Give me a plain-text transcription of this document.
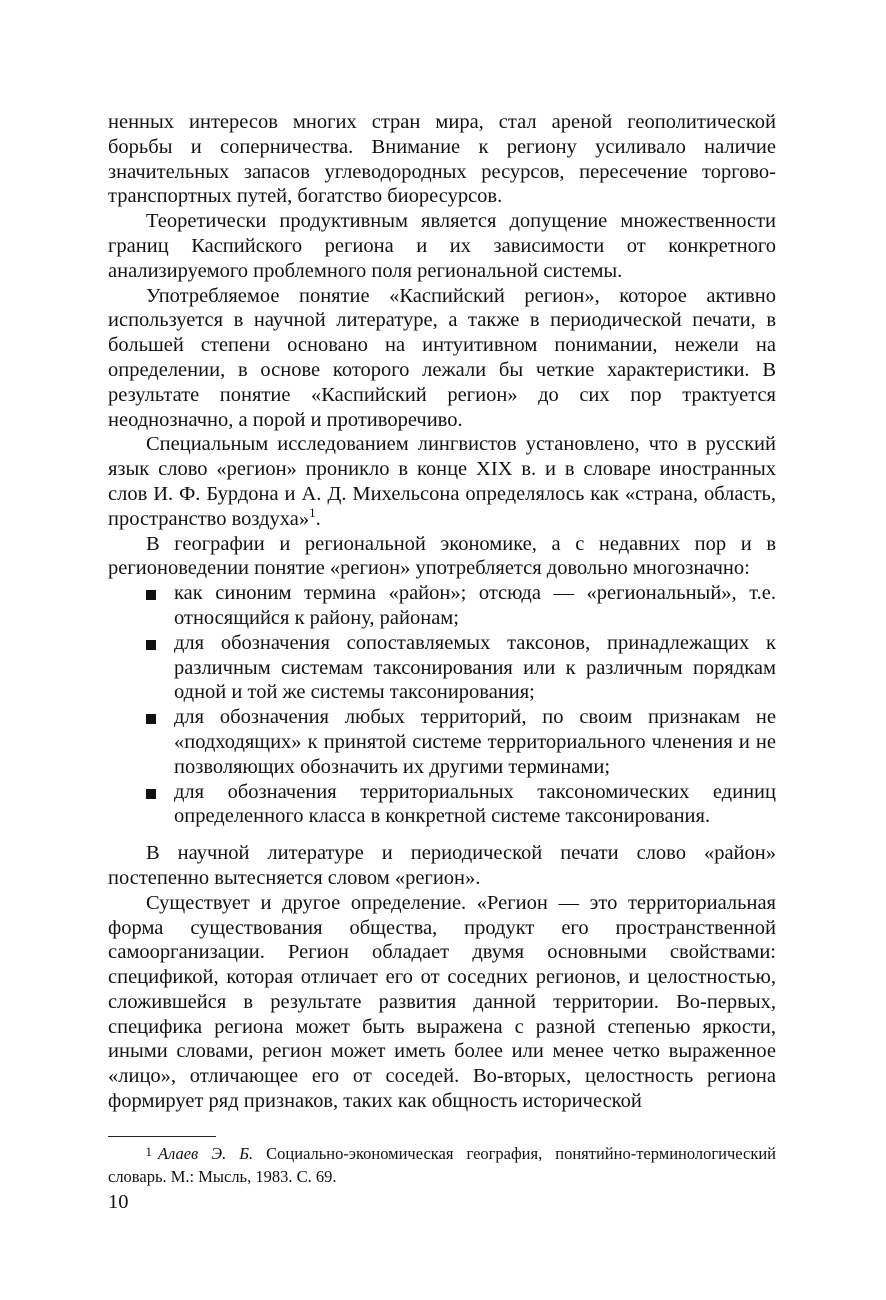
ненных интересов многих стран мира, стал ареной геополитической борьбы и соперничества. Внимание к региону усиливало наличие значительных запасов углеводородных ресурсов, пересечение торгово-транспортных путей, богатство биоресурсов.

Теоретически продуктивным является допущение множественности границ Каспийского региона и их зависимости от конкретного анализируемого проблемного поля региональной системы.

Употребляемое понятие «Каспийский регион», которое активно используется в научной литературе, а также в периодической печати, в большей степени основано на интуитивном понимании, нежели на определении, в основе которого лежали бы четкие характеристики. В результате понятие «Каспийский регион» до сих пор трактуется неоднозначно, а порой и противоречиво.

Специальным исследованием лингвистов установлено, что в русский язык слово «регион» проникло в конце XIX в. и в словаре иностранных слов И. Ф. Бурдона и А. Д. Михельсона определялось как «страна, область, пространство воздуха»$^1$.

В географии и региональной экономике, а с недавних пор и в регионоведении понятие «регион» употребляется довольно многозначно:

как синоним термина «район»; отсюда — «региональный», т.е. относящийся к району, районам;
для обозначения сопоставляемых таксонов, принадлежащих к различным системам таксонирования или к различным порядкам одной и той же системы таксонирования;
для обозначения любых территорий, по своим признакам не «подходящих» к принятой системе территориального членения и не позволяющих обозначить их другими терминами;
для обозначения территориальных таксономических единиц определенного класса в конкретной системе таксонирования.

В научной литературе и периодической печати слово «район» постепенно вытесняется словом «регион».

Существует и другое определение. «Регион — это территориальная форма существования общества, продукт его пространственной самоорганизации. Регион обладает двумя основными свойствами: спецификой, которая отличает его от соседних регионов, и целостностью, сложившейся в результате развития данной территории. Во-первых, специфика региона может быть выражена с разной степенью яркости, иными словами, регион может иметь более или менее четко выраженное «лицо», отличающее его от соседей. Во-вторых, целостность региона формирует ряд признаков, таких как общность исторической

1 Алаев Э. Б. Социально-экономическая география, понятийно-терминологический словарь. М.: Мысль, 1983. С. 69.
10
